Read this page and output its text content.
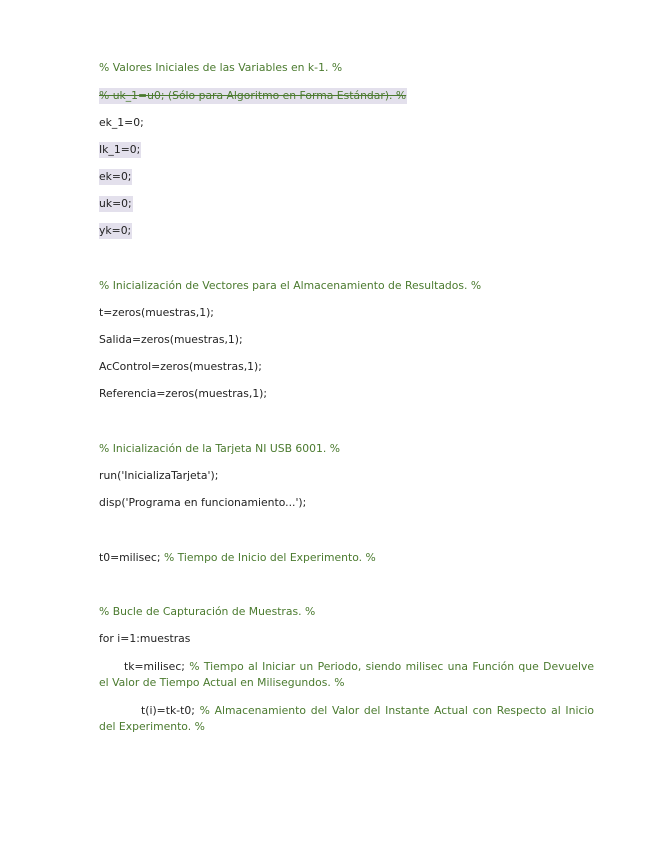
% Valores Iniciales de las Variables en k-1. %
% uk_1=u0; (Sólo para Algoritmo en Forma Estándar). %
ek_1=0;
Ik_1=0;
ek=0;
uk=0;
yk=0;
% Inicialización de Vectores para el Almacenamiento de Resultados. %
t=zeros(muestras,1);
Salida=zeros(muestras,1);
AcControl=zeros(muestras,1);
Referencia=zeros(muestras,1);
% Inicialización de la Tarjeta NI USB 6001. %
run('InicializaTarjeta');
disp('Programa en funcionamiento...');
t0=milisec; % Tiempo de Inicio del Experimento. %
% Bucle de Capturación de Muestras. %
for i=1:muestras
tk=milisec; % Tiempo al Iniciar un Periodo, siendo milisec una Función que Devuelve el Valor de Tiempo Actual en Milisegundos. %
t(i)=tk-t0; % Almacenamiento del Valor del Instante Actual con Respecto al Inicio del Experimento. %
